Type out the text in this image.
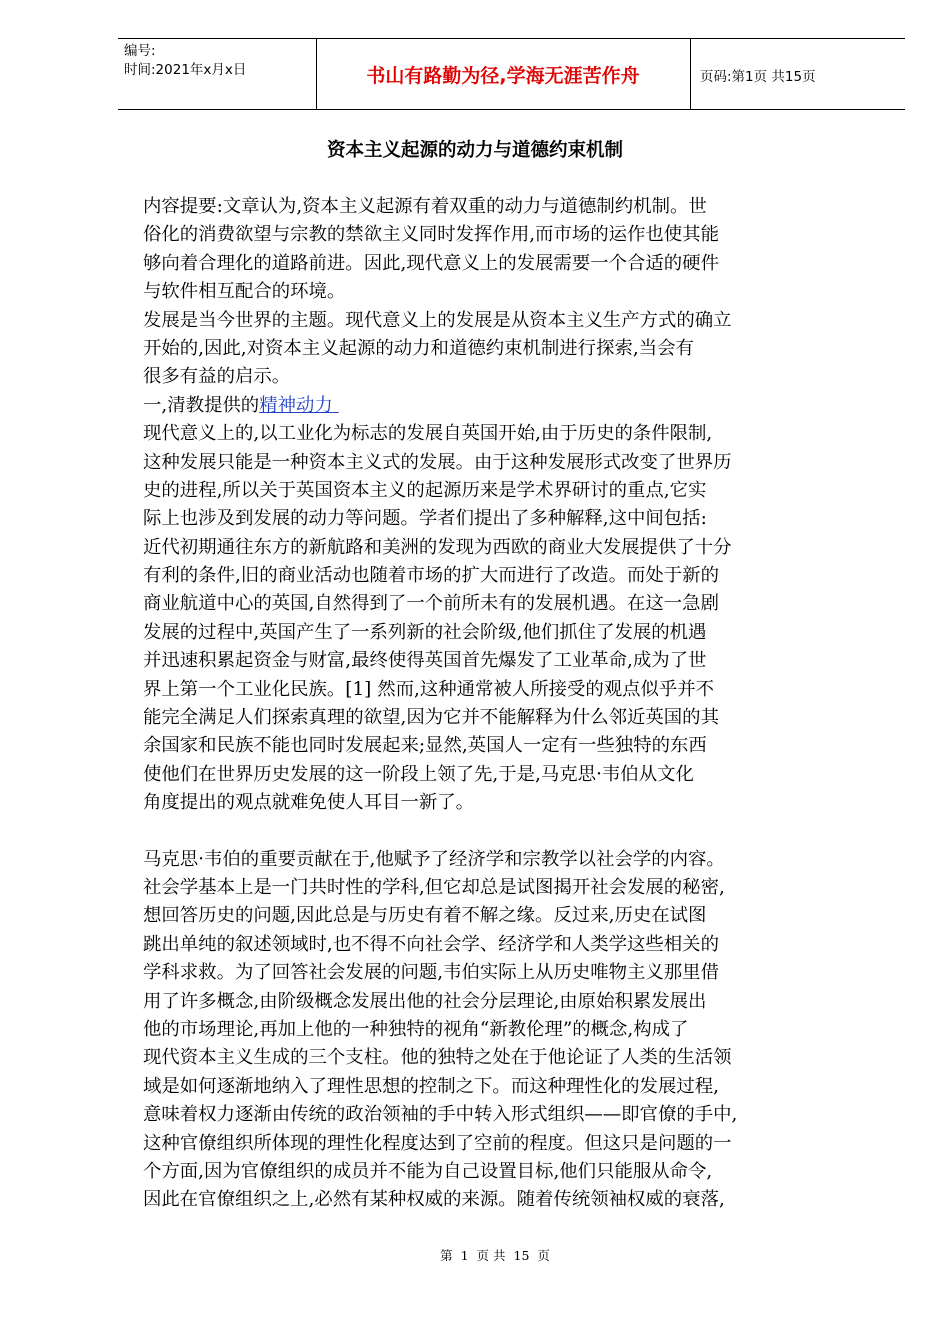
编号:
时间:2021年x月x日	书山有路勤为径,学海无涯苦作舟	页码:第1页 共15页
资本主义起源的动力与道德约束机制
内容提要:文章认为,资本主义起源有着双重的动力与道德制约机制。世
俗化的消费欲望与宗教的禁欲主义同时发挥作用,而市场的运作也使其能
够向着合理化的道路前进。因此,现代意义上的发展需要一个合适的硬件
与软件相互配合的环境。
发展是当今世界的主题。现代意义上的发展是从资本主义生产方式的确立
开始的,因此,对资本主义起源的动力和道德约束机制进行探索,当会有
很多有益的启示。
一,清教提供的精神动力
现代意义上的,以工业化为标志的发展自英国开始,由于历史的条件限制,
这种发展只能是一种资本主义式的发展。由于这种发展形式改变了世界历
史的进程,所以关于英国资本主义的起源历来是学术界研讨的重点,它实
际上也涉及到发展的动力等问题。学者们提出了多种解释,这中间包括:
近代初期通往东方的新航路和美洲的发现为西欧的商业大发展提供了十分
有利的条件,旧的商业活动也随着市场的扩大而进行了改造。而处于新的
商业航道中心的英国,自然得到了一个前所未有的发展机遇。在这一急剧
发展的过程中,英国产生了一系列新的社会阶级,他们抓住了发展的机遇
并迅速积累起资金与财富,最终使得英国首先爆发了工业革命,成为了世
界上第一个工业化民族。[1] 然而,这种通常被人所接受的观点似乎并不
能完全满足人们探索真理的欲望,因为它并不能解释为什么邻近英国的其
余国家和民族不能也同时发展起来;显然,英国人一定有一些独特的东西
使他们在世界历史发展的这一阶段上领了先,于是,马克思·韦伯从文化
角度提出的观点就难免使人耳目一新了。
马克思·韦伯的重要贡献在于,他赋予了经济学和宗教学以社会学的内容。
社会学基本上是一门共时性的学科,但它却总是试图揭开社会发展的秘密,
想回答历史的问题,因此总是与历史有着不解之缘。反过来,历史在试图
跳出单纯的叙述领域时,也不得不向社会学、经济学和人类学这些相关的
学科求救。为了回答社会发展的问题,韦伯实际上从历史唯物主义那里借
用了许多概念,由阶级概念发展出他的社会分层理论,由原始积累发展出
他的市场理论,再加上他的一种独特的视角“新教伦理”的概念,构成了
现代资本主义生成的三个支柱。他的独特之处在于他论证了人类的生活领
域是如何逐渐地纳入了理性思想的控制之下。而这种理性化的发展过程,
意味着权力逐渐由传统的政治领袖的手中转入形式组织——即官僚的手中,
这种官僚组织所体现的理性化程度达到了空前的程度。但这只是问题的一
个方面,因为官僚组织的成员并不能为自己设置目标,他们只能服从命令,
因此在官僚组织之上,必然有某种权威的来源。随着传统领袖权威的衰落,
第 1 页 共 15 页
